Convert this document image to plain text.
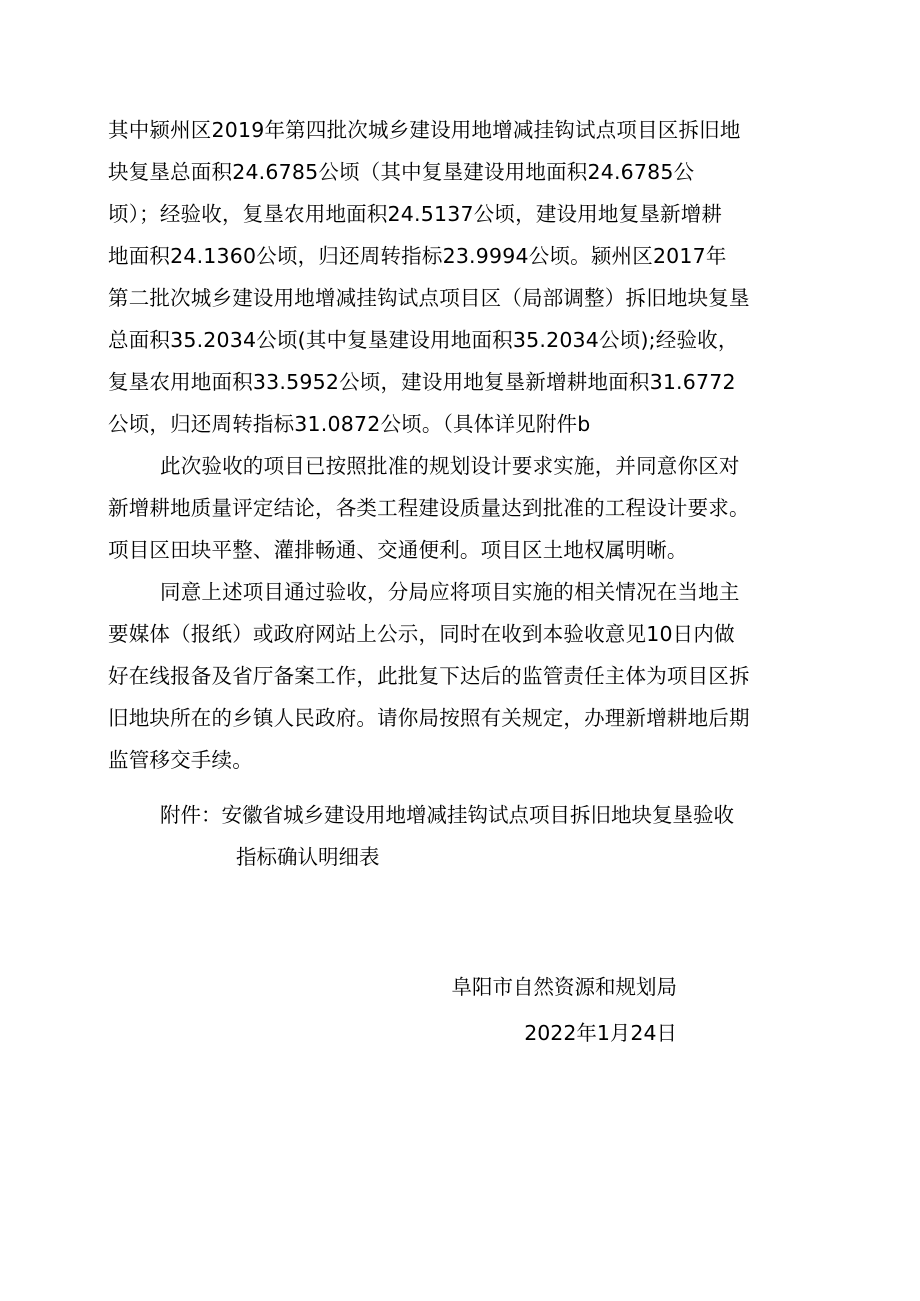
其中颍州区2019年第四批次城乡建设用地增减挂钩试点项目区拆旧地
块复垦总面积24.6785公顷（其中复垦建设用地面积24.6785公
顷）；经验收，复垦农用地面积24.5137公顷，建设用地复垦新增耕
地面积24.1360公顷，归还周转指标23.9994公顷。颍州区2017年
第二批次城乡建设用地增减挂钩试点项目区（局部调整）拆旧地块复垦
总面积35.2034公顷(其中复垦建设用地面积35.2034公顷);经验收，
复垦农用地面积33.5952公顷，建设用地复垦新增耕地面积31.6772
公顷，归还周转指标31.0872公顷。（具体详见附件b
此次验收的项目已按照批准的规划设计要求实施，并同意你区对
新增耕地质量评定结论，各类工程建设质量达到批准的工程设计要求。
项目区田块平整、灌排畅通、交通便利。项目区土地权属明晰。
同意上述项目通过验收，分局应将项目实施的相关情况在当地主
要媒体（报纸）或政府网站上公示，同时在收到本验收意见10日内做
好在线报备及省厅备案工作，此批复下达后的监管责任主体为项目区拆
旧地块所在的乡镇人民政府。请你局按照有关规定，办理新增耕地后期
监管移交手续。
附件：安徽省城乡建设用地增减挂钩试点项目拆旧地块复垦验收
指标确认明细表
阜阳市自然资源和规划局
2022年1月24日
